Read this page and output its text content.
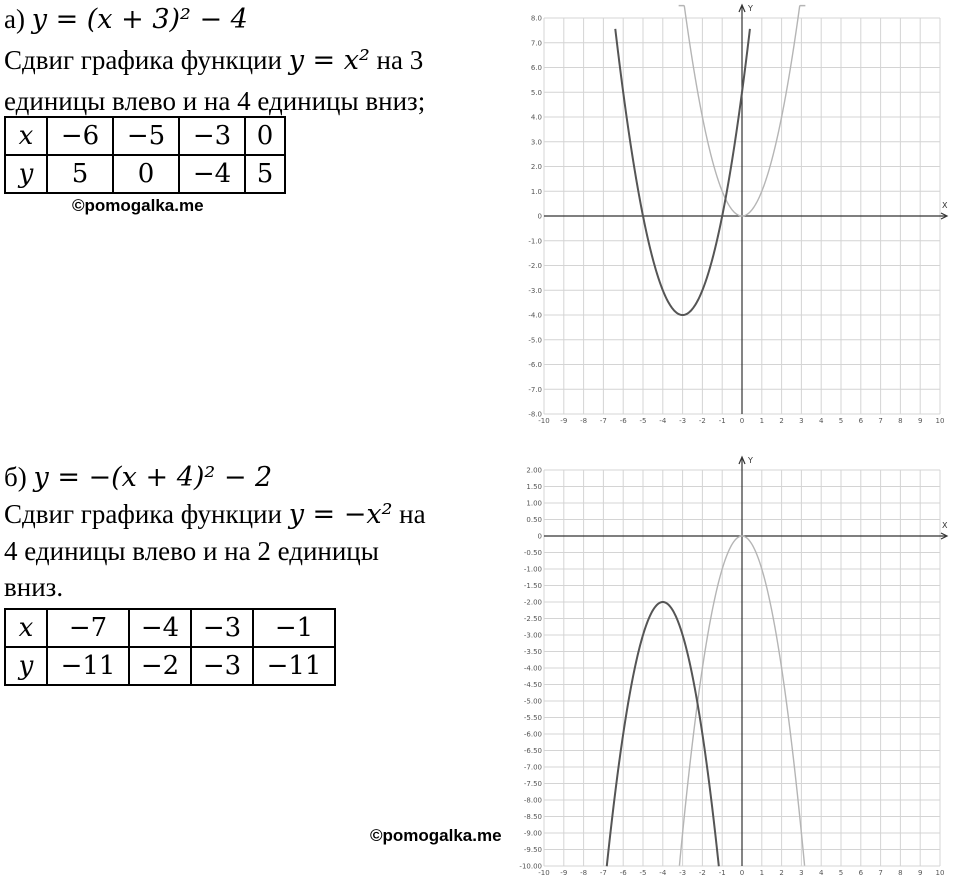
а) y = (x + 3)² − 4
Сдвиг графика функции y = x² на 3
единицы влево и на 4 единицы вниз;
x	−6	−5	−3	0
y	5	0	−4	5
©pomogalka.me
б) y = −(x + 4)² − 2
Сдвиг графика функции y = −x² на
4 единицы влево и на 2 единицы
вниз.
x	−7	−4	−3	−1
y	−11	−2	−3	−11
©pomogalka.me
-10 -9 -8 -7 -6 -5 -4 -3 -2 -1 0 1 2 3 4 5 6 7 8 9 10
8.0
7.0
6.0
5.0
4.0
3.0
2.0
1.0
0
-1.0
-2.0
-3.0
-4.0
-5.0
-6.0
-7.0
-8.0
X
Y
-10 -9 -8 -7 -6 -5 -4 -3 -2 -1 0 1 2 3 4 5 6 7 8 9 10
2.00
1.50
1.00
0.50
0
-0.50
-1.00
-1.50
-2.00
-2.50
-3.00
-3.50
-4.00
-4.50
-5.00
-5.50
-6.00
-6.50
-7.00
-7.50
-8.00
-8.50
-9.00
-9.50
-10.00
X
Y
